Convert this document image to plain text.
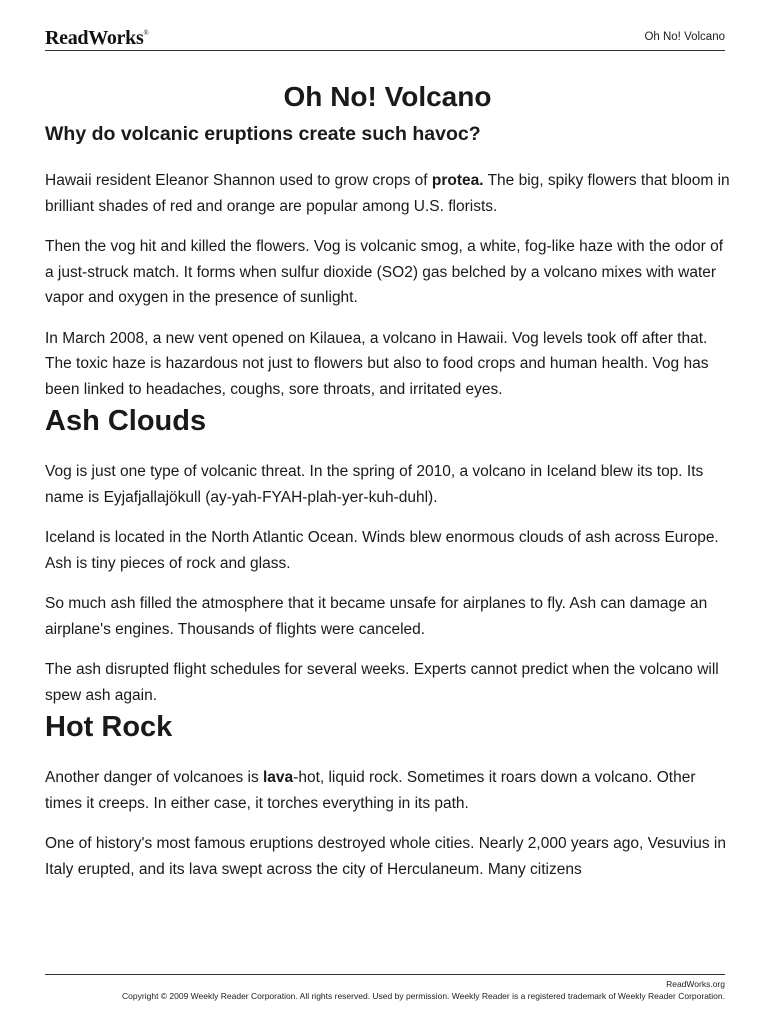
ReadWorks®	Oh No! Volcano
Oh No! Volcano
Why do volcanic eruptions create such havoc?

Hawaii resident Eleanor Shannon used to grow crops of protea. The big, spiky flowers that bloom in brilliant shades of red and orange are popular among U.S. florists.

Then the vog hit and killed the flowers. Vog is volcanic smog, a white, fog-like haze with the odor of a just-struck match. It forms when sulfur dioxide (SO2) gas belched by a volcano mixes with water vapor and oxygen in the presence of sunlight.

In March 2008, a new vent opened on Kilauea, a volcano in Hawaii. Vog levels took off after that. The toxic haze is hazardous not just to flowers but also to food crops and human health. Vog has been linked to headaches, coughs, sore throats, and irritated eyes.

Ash Clouds

Vog is just one type of volcanic threat. In the spring of 2010, a volcano in Iceland blew its top. Its name is Eyjafjallajökull (ay-yah-FYAH-plah-yer-kuh-duhl).

Iceland is located in the North Atlantic Ocean. Winds blew enormous clouds of ash across Europe. Ash is tiny pieces of rock and glass.

So much ash filled the atmosphere that it became unsafe for airplanes to fly. Ash can damage an airplane's engines. Thousands of flights were canceled.

The ash disrupted flight schedules for several weeks. Experts cannot predict when the volcano will spew ash again.

Hot Rock

Another danger of volcanoes is lava-hot, liquid rock. Sometimes it roars down a volcano. Other times it creeps. In either case, it torches everything in its path.

One of history's most famous eruptions destroyed whole cities. Nearly 2,000 years ago, Vesuvius in Italy erupted, and its lava swept across the city of Herculaneum. Many citizens

ReadWorks.org
Copyright © 2009 Weekly Reader Corporation. All rights reserved. Used by permission. Weekly Reader is a registered trademark of Weekly Reader Corporation.
